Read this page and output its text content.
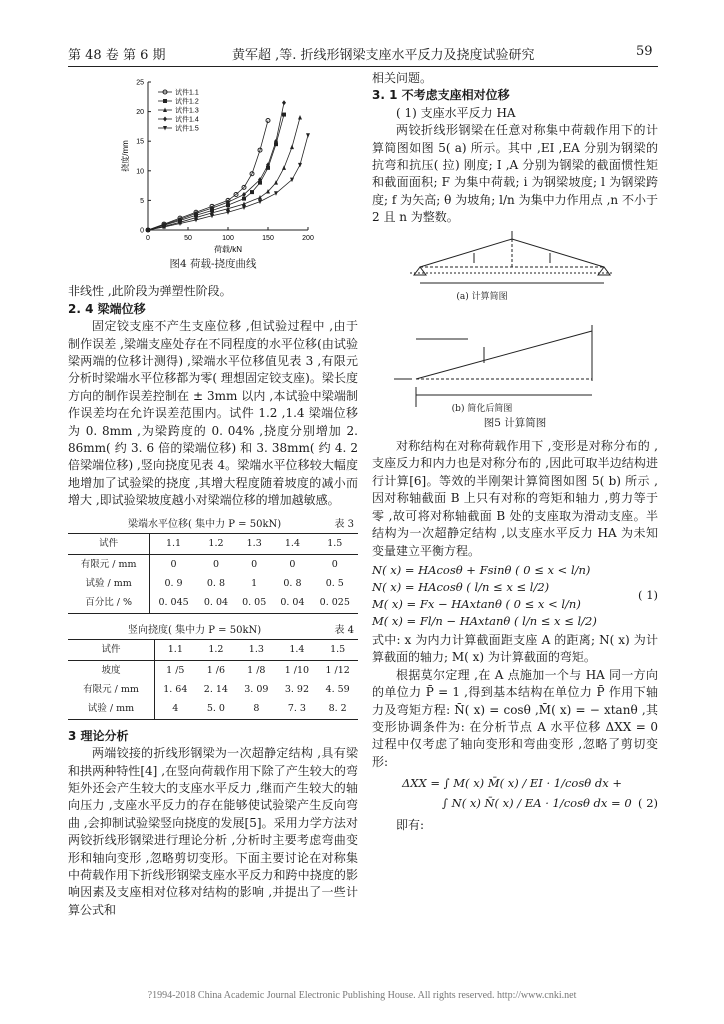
第 48 卷 第 6 期	黄军超 ,等. 折线形钢梁支座水平反力及挠度试验研究	59
0	50	100	150	200
0
5
10
15
20
25
荷载/kN
挠度/mm
试件1.1
试件1.2
试件1.3
试件1.4
试件1.5
图4 荷载-挠度曲线

非线性 ,此阶段为弹塑性阶段。

2. 4 梁端位移

固定铰支座不产生支座位移 ,但试验过程中 ,由于制作误差 ,梁端支座处存在不同程度的水平位移(由试验梁两端的位移计测得) ,梁端水平位移值见表 3 ,有限元分析时梁端水平位移都为零( 理想固定铰支座)。梁长度方向的制作误差控制在 ± 3mm 以内 ,本试验中梁端制作误差均在允许误差范围内。试件 1.2 ,1.4 梁端位移为 0. 8mm ,为梁跨度的 0. 04% ,挠度分别增加 2. 86mm( 约 3. 6 倍的梁端位移) 和 3. 38mm( 约 4. 2 倍梁端位移) ,竖向挠度见表 4。梁端水平位移较大幅度地增加了试验梁的挠度 ,其增大程度随着坡度的减小而增大 ,即试验梁坡度越小对梁端位移的增加越敏感。

梁端水平位移( 集中力 P = 50kN)	表 3
试件	1.1	1.2	1.3	1.4	1.5
有限元 / mm	0	0	0	0	0
试验 / mm	0. 9	0. 8	1	0. 8	0. 5
百分比 / %	0. 045	0. 04	0. 05	0. 04	0. 025
竖向挠度( 集中力 P = 50kN)	表 4
试件	1.1	1.2	1.3	1.4	1.5
坡度	1 /5	1 /6	1 /8	1 /10	1 /12
有限元 / mm	1. 64	2. 14	3. 09	3. 92	4. 59
试验 / mm	4	5. 0	8	7. 3	8. 2

3 理论分析

两端铰接的折线形钢梁为一次超静定结构 ,具有梁和拱两种特性[4] ,在竖向荷载作用下除了产生较大的弯矩外还会产生较大的支座水平反力 ,继而产生较大的轴向压力 ,支座水平反力的存在能够使试验梁产生反向弯曲 ,会抑制试验梁竖向挠度的发展[5]。采用力学方法对两铰折线形钢梁进行理论分析 ,分析时主要考虑弯曲变形和轴向变形 ,忽略剪切变形。下面主要讨论在对称集中荷载作用下折线形钢梁支座水平反力和跨中挠度的影响因素及支座相对位移对结构的影响 ,并提出了一些计算公式和

相关问题。

3. 1 不考虑支座相对位移

( 1) 支座水平反力 HA

两铰折线形钢梁在任意对称集中荷载作用下的计算简图如图 5( a) 所示。其中 ,EI ,EA 分别为钢梁的抗弯和抗压( 拉) 刚度; I ,A 分别为钢梁的截面惯性矩和截面面积; F 为集中荷载; i 为钢梁坡度; l 为钢梁跨度; f 为矢高; θ 为坡角; l/n 为集中力作用点 ,n 不小于 2 且 n 为整数。

(a) 计算简图
(b) 简化后简图
图5 计算简图

对称结构在对称荷载作用下 ,变形是对称分布的 ,支座反力和内力也是对称分布的 ,因此可取半边结构进行计算[6]。等效的半刚架计算简图如图 5( b) 所示 ,因对称轴截面 B 上只有对称的弯矩和轴力 ,剪力等于零 ,故可将对称轴截面 B 处的支座取为滑动支座。半结构为一次超静定结构 ,以支座水平反力 HA 为未知变量建立平衡方程。

N( x) = HAcosθ + Fsinθ ( 0 ≤ x < l/n)
N( x) = HAcosθ ( l/n ≤ x ≤ l/2)
M( x) = Fx − HAxtanθ ( 0 ≤ x < l/n)
M( x) = Fl/n − HAxtanθ ( l/n ≤ x ≤ l/2)
( 1)

式中: x 为内力计算截面距支座 A 的距离; N( x) 为计算截面的轴力; M( x) 为计算截面的弯矩。

根据莫尔定理 ,在 A 点施加一个与 HA 同一方向的单位力 P̄ = 1 ,得到基本结构在单位力 P̄ 作用下轴力及弯矩方程: N̄( x) = cosθ ,M̄( x) = − xtanθ ,其变形协调条件为: 在分析节点 A 水平位移 ΔXX = 0 过程中仅考虑了轴向变形和弯曲变形 ,忽略了剪切变形:

ΔXX = ∫ M( x) M̄( x) / EI · 1/cosθ dx +
∫ N( x) N̄( x) / EA · 1/cosθ dx = 0 ( 2)

即有:

?1994-2018 China Academic Journal Electronic Publishing House. All rights reserved. http://www.cnki.net
